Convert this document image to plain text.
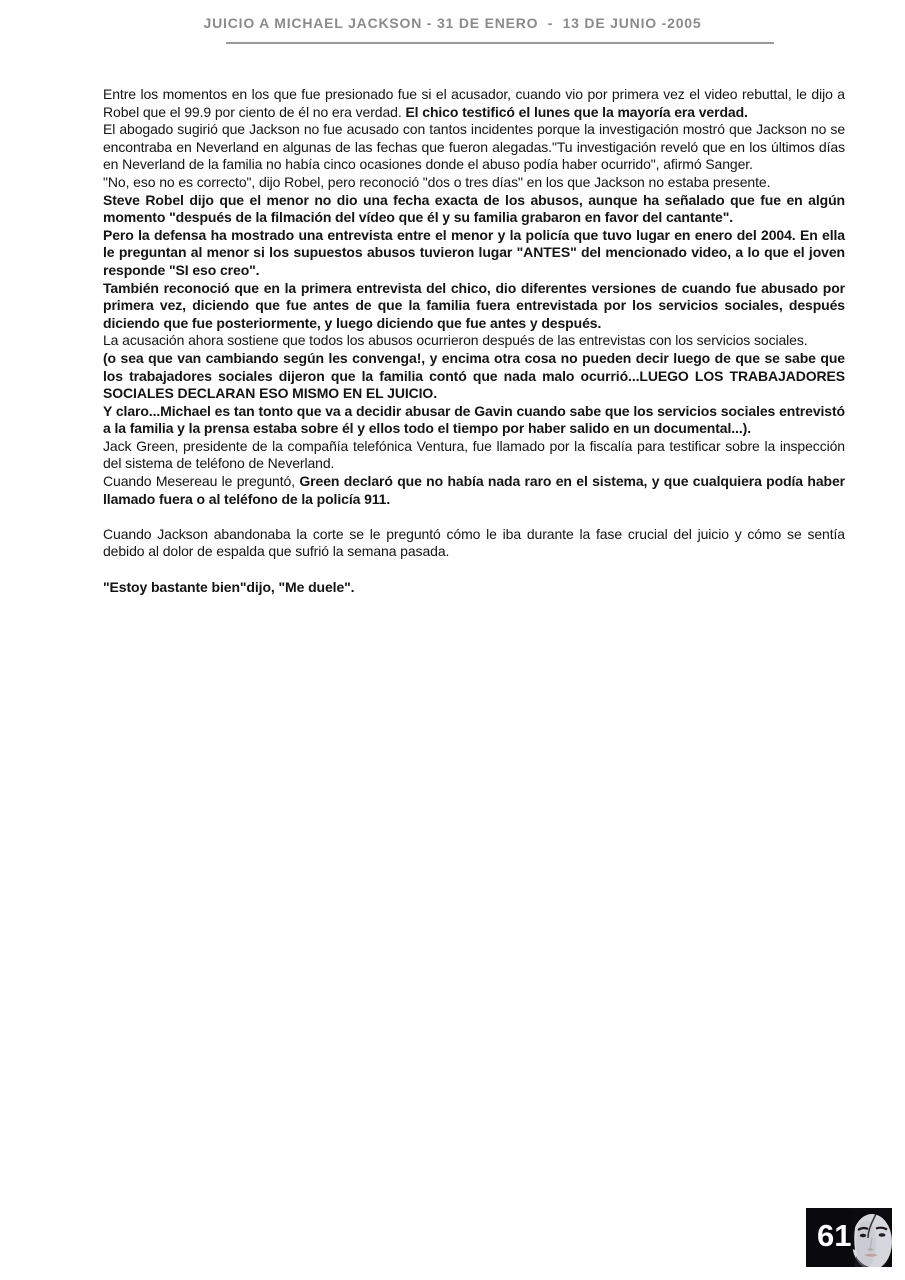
JUICIO A MICHAEL JACKSON - 31 DE ENERO  -  13 DE JUNIO -2005

Entre los momentos en los que fue presionado fue si el acusador, cuando vio por primera vez el video rebuttal, le dijo a Robel que el 99.9 por ciento de él no era verdad. El chico testificó el lunes que la mayoría era verdad.

El abogado sugirió que Jackson no fue acusado con tantos incidentes porque la investigación mostró que Jackson no se encontraba en Neverland en algunas de las fechas que fueron alegadas."Tu investigación reveló que en los últimos días en Neverland de la familia no había cinco ocasiones donde el abuso podía haber ocurrido", afirmó Sanger.

"No, eso no es correcto", dijo Robel, pero reconoció "dos o tres días" en los que Jackson no estaba presente.

Steve Robel dijo que el menor no dio una fecha exacta de los abusos, aunque ha señalado que fue en algún momento "después de la filmación del vídeo que él y su familia grabaron en favor del cantante".

Pero la defensa ha mostrado una entrevista entre el menor y la policía que tuvo lugar en enero del 2004. En ella le preguntan al menor si los supuestos abusos tuvieron lugar "ANTES" del mencionado video, a lo que el joven responde "SI eso creo".

También reconoció que en la primera entrevista del chico, dio diferentes versiones de cuando fue abusado por primera vez, diciendo que fue antes de que la familia fuera entrevistada por los servicios sociales, después diciendo que fue posteriormente, y luego diciendo que fue antes y después.

La acusación ahora sostiene que todos los abusos ocurrieron después de las entrevistas con los servicios sociales.

(o sea que van cambiando según les convenga!, y encima otra cosa no pueden decir luego de que se sabe que los trabajadores sociales dijeron que la familia contó que nada malo ocurrió...LUEGO LOS TRABAJADORES SOCIALES DECLARAN ESO MISMO EN EL JUICIO.

Y claro...Michael es tan tonto que va a decidir abusar de Gavin cuando sabe que los servicios sociales entrevistó a la familia y la prensa estaba sobre él y ellos todo el tiempo por haber salido en un documental...).

Jack Green, presidente de la compañía telefónica Ventura, fue llamado por la fiscalía para testificar sobre la inspección del sistema de teléfono de Neverland.

Cuando Mesereau le preguntó, Green declaró que no había nada raro en el sistema, y que cualquiera podía haber llamado fuera o al teléfono de la policía 911.

Cuando Jackson abandonaba la corte se le preguntó cómo le iba durante la fase crucial del juicio y cómo se sentía debido al dolor de espalda que sufrió la semana pasada.

"Estoy bastante bien"dijo, "Me duele".

61
